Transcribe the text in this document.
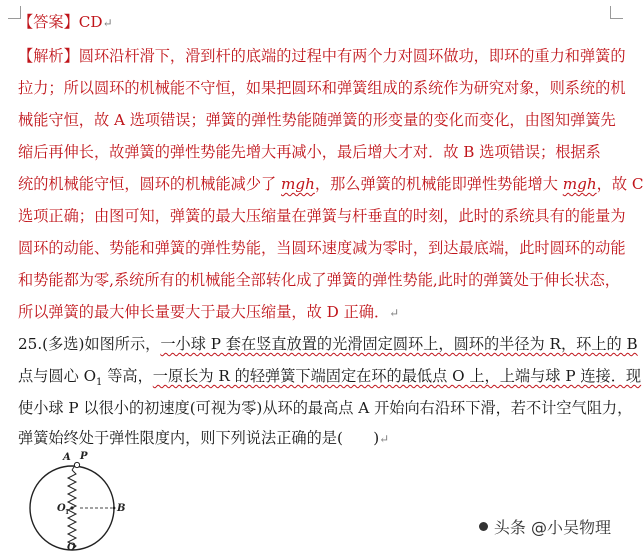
【答案】CD↵
【解析】圆环沿杆滑下，滑到杆的底端的过程中有两个力对圆环做功，即环的重力和弹簧的
拉力；所以圆环的机械能不守恒，如果把圆环和弹簧组成的系统作为研究对象，则系统的机
械能守恒，故 A 选项错误；弹簧的弹性势能随弹簧的形变量的变化而变化，由图知弹簧先
缩后再伸长，故弹簧的弹性势能先增大再减小，最后增大才对．故 B 选项错误；根据系
统的机械能守恒，圆环的机械能减少了 mgh，那么弹簧的机械能即弹性势能增大 mgh，故 C
选项正确；由图可知，弹簧的最大压缩量在弹簧与杆垂直的时刻，此时的系统具有的能量为
圆环的动能、势能和弹簧的弹性势能，当圆环速度减为零时，到达最底端，此时圆环的动能
和势能都为零,系统所有的机械能全部转化成了弹簧的弹性势能,此时的弹簧处于伸长状态，
所以弹簧的最大伸长量要大于最大压缩量，故 D 正确．↵
25.(多选)如图所示，一小球 P 套在竖直放置的光滑固定圆环上，圆环的半径为 R，环上的 B
点与圆心 $O_1$ 等高，一原长为 R 的轻弹簧下端固定在环的最低点 O 上，上端与球 P 连接．现
使小球 P 以很小的初速度(可视为零)从环的最高点 A 开始向右沿环下滑，若不计空气阻力，
弹簧始终处于弹性限度内，则下列说法正确的是(　　)↵
A P
O 1	B
O
头条 @小吴物理
